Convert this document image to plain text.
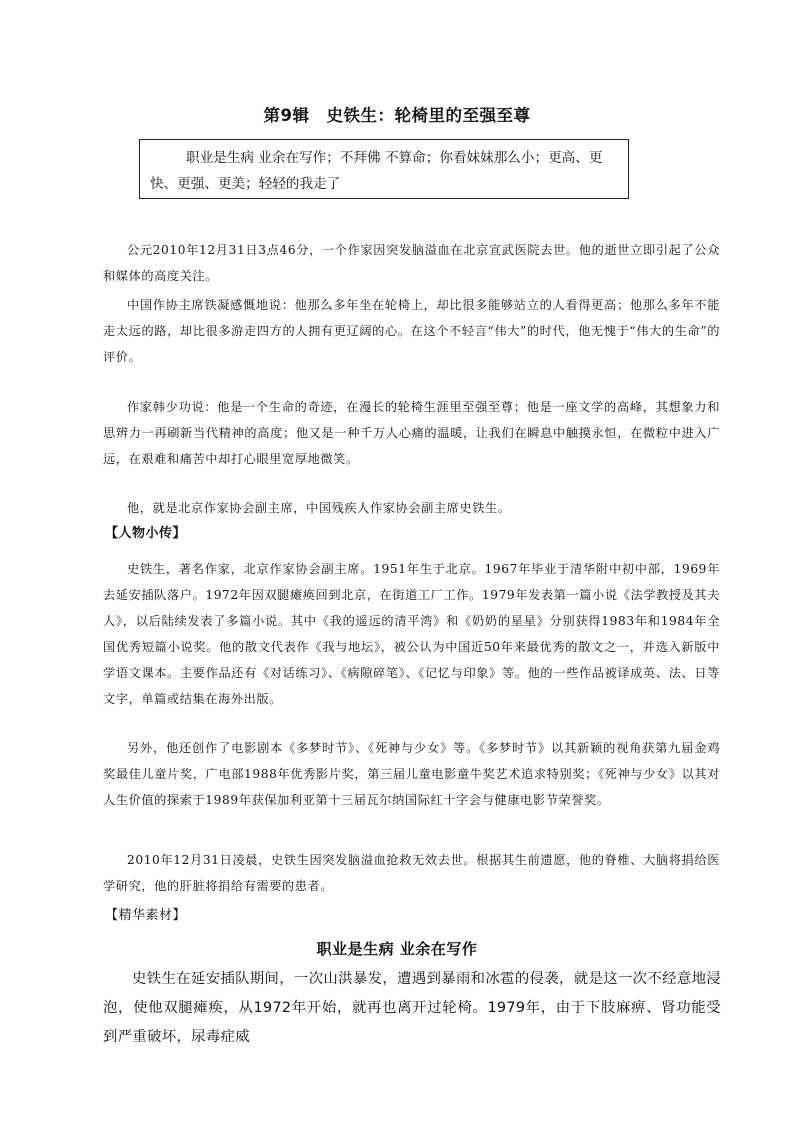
第9辑　史铁生：轮椅里的至强至尊
职业是生病 业余在写作；不拜佛 不算命；你看妹妹那么小；更高、更快、更强、更美；轻轻的我走了

公元2010年12月31日3点46分，一个作家因突发脑溢血在北京宣武医院去世。他的逝世立即引起了公众和媒体的高度关注。

中国作协主席铁凝感慨地说：他那么多年坐在轮椅上，却比很多能够站立的人看得更高；他那么多年不能走太远的路，却比很多游走四方的人拥有更辽阔的心。在这个不轻言“伟大”的时代，他无愧于“伟大的生命”的评价。

作家韩少功说：他是一个生命的奇迹，在漫长的轮椅生涯里至强至尊；他是一座文学的高峰，其想象力和思辨力一再刷新当代精神的高度；他又是一种千万人心痛的温暖，让我们在瞬息中触摸永恒，在微粒中进入广远，在艰难和痛苦中却打心眼里宽厚地微笑。

他，就是北京作家协会副主席，中国残疾人作家协会副主席史铁生。

【人物小传】

史铁生，著名作家，北京作家协会副主席。1951年生于北京。1967年毕业于清华附中初中部，1969年去延安插队落户。1972年因双腿瘫痪回到北京，在街道工厂工作。1979年发表第一篇小说《法学教授及其夫人》，以后陆续发表了多篇小说。其中《我的遥远的清平湾》和《奶奶的星星》分别获得1983年和1984年全国优秀短篇小说奖。他的散文代表作《我与地坛》，被公认为中国近50年来最优秀的散文之一，并选入新版中学语文课本。主要作品还有《对话练习》、《病隙碎笔》、《记忆与印象》等。他的一些作品被译成英、法、日等文字，单篇或结集在海外出版。

另外，他还创作了电影剧本《多梦时节》、《死神与少女》等。《多梦时节》以其新颖的视角获第九届金鸡奖最佳儿童片奖，广电部1988年优秀影片奖，第三届儿童电影童牛奖艺术追求特别奖；《死神与少女》以其对人生价值的探索于1989年获保加利亚第十三届瓦尔纳国际红十字会与健康电影节荣誉奖。

2010年12月31日凌晨，史铁生因突发脑溢血抢救无效去世。根据其生前遗愿，他的脊椎、大脑将捐给医学研究，他的肝脏将捐给有需要的患者。

【精华素材】
职业是生病 业余在写作

史铁生在延安插队期间，一次山洪暴发，遭遇到暴雨和冰雹的侵袭，就是这一次不经意地浸泡，使他双腿瘫痪，从1972年开始，就再也离开过轮椅。1979年，由于下肢麻痹、肾功能受到严重破坏，尿毒症威
